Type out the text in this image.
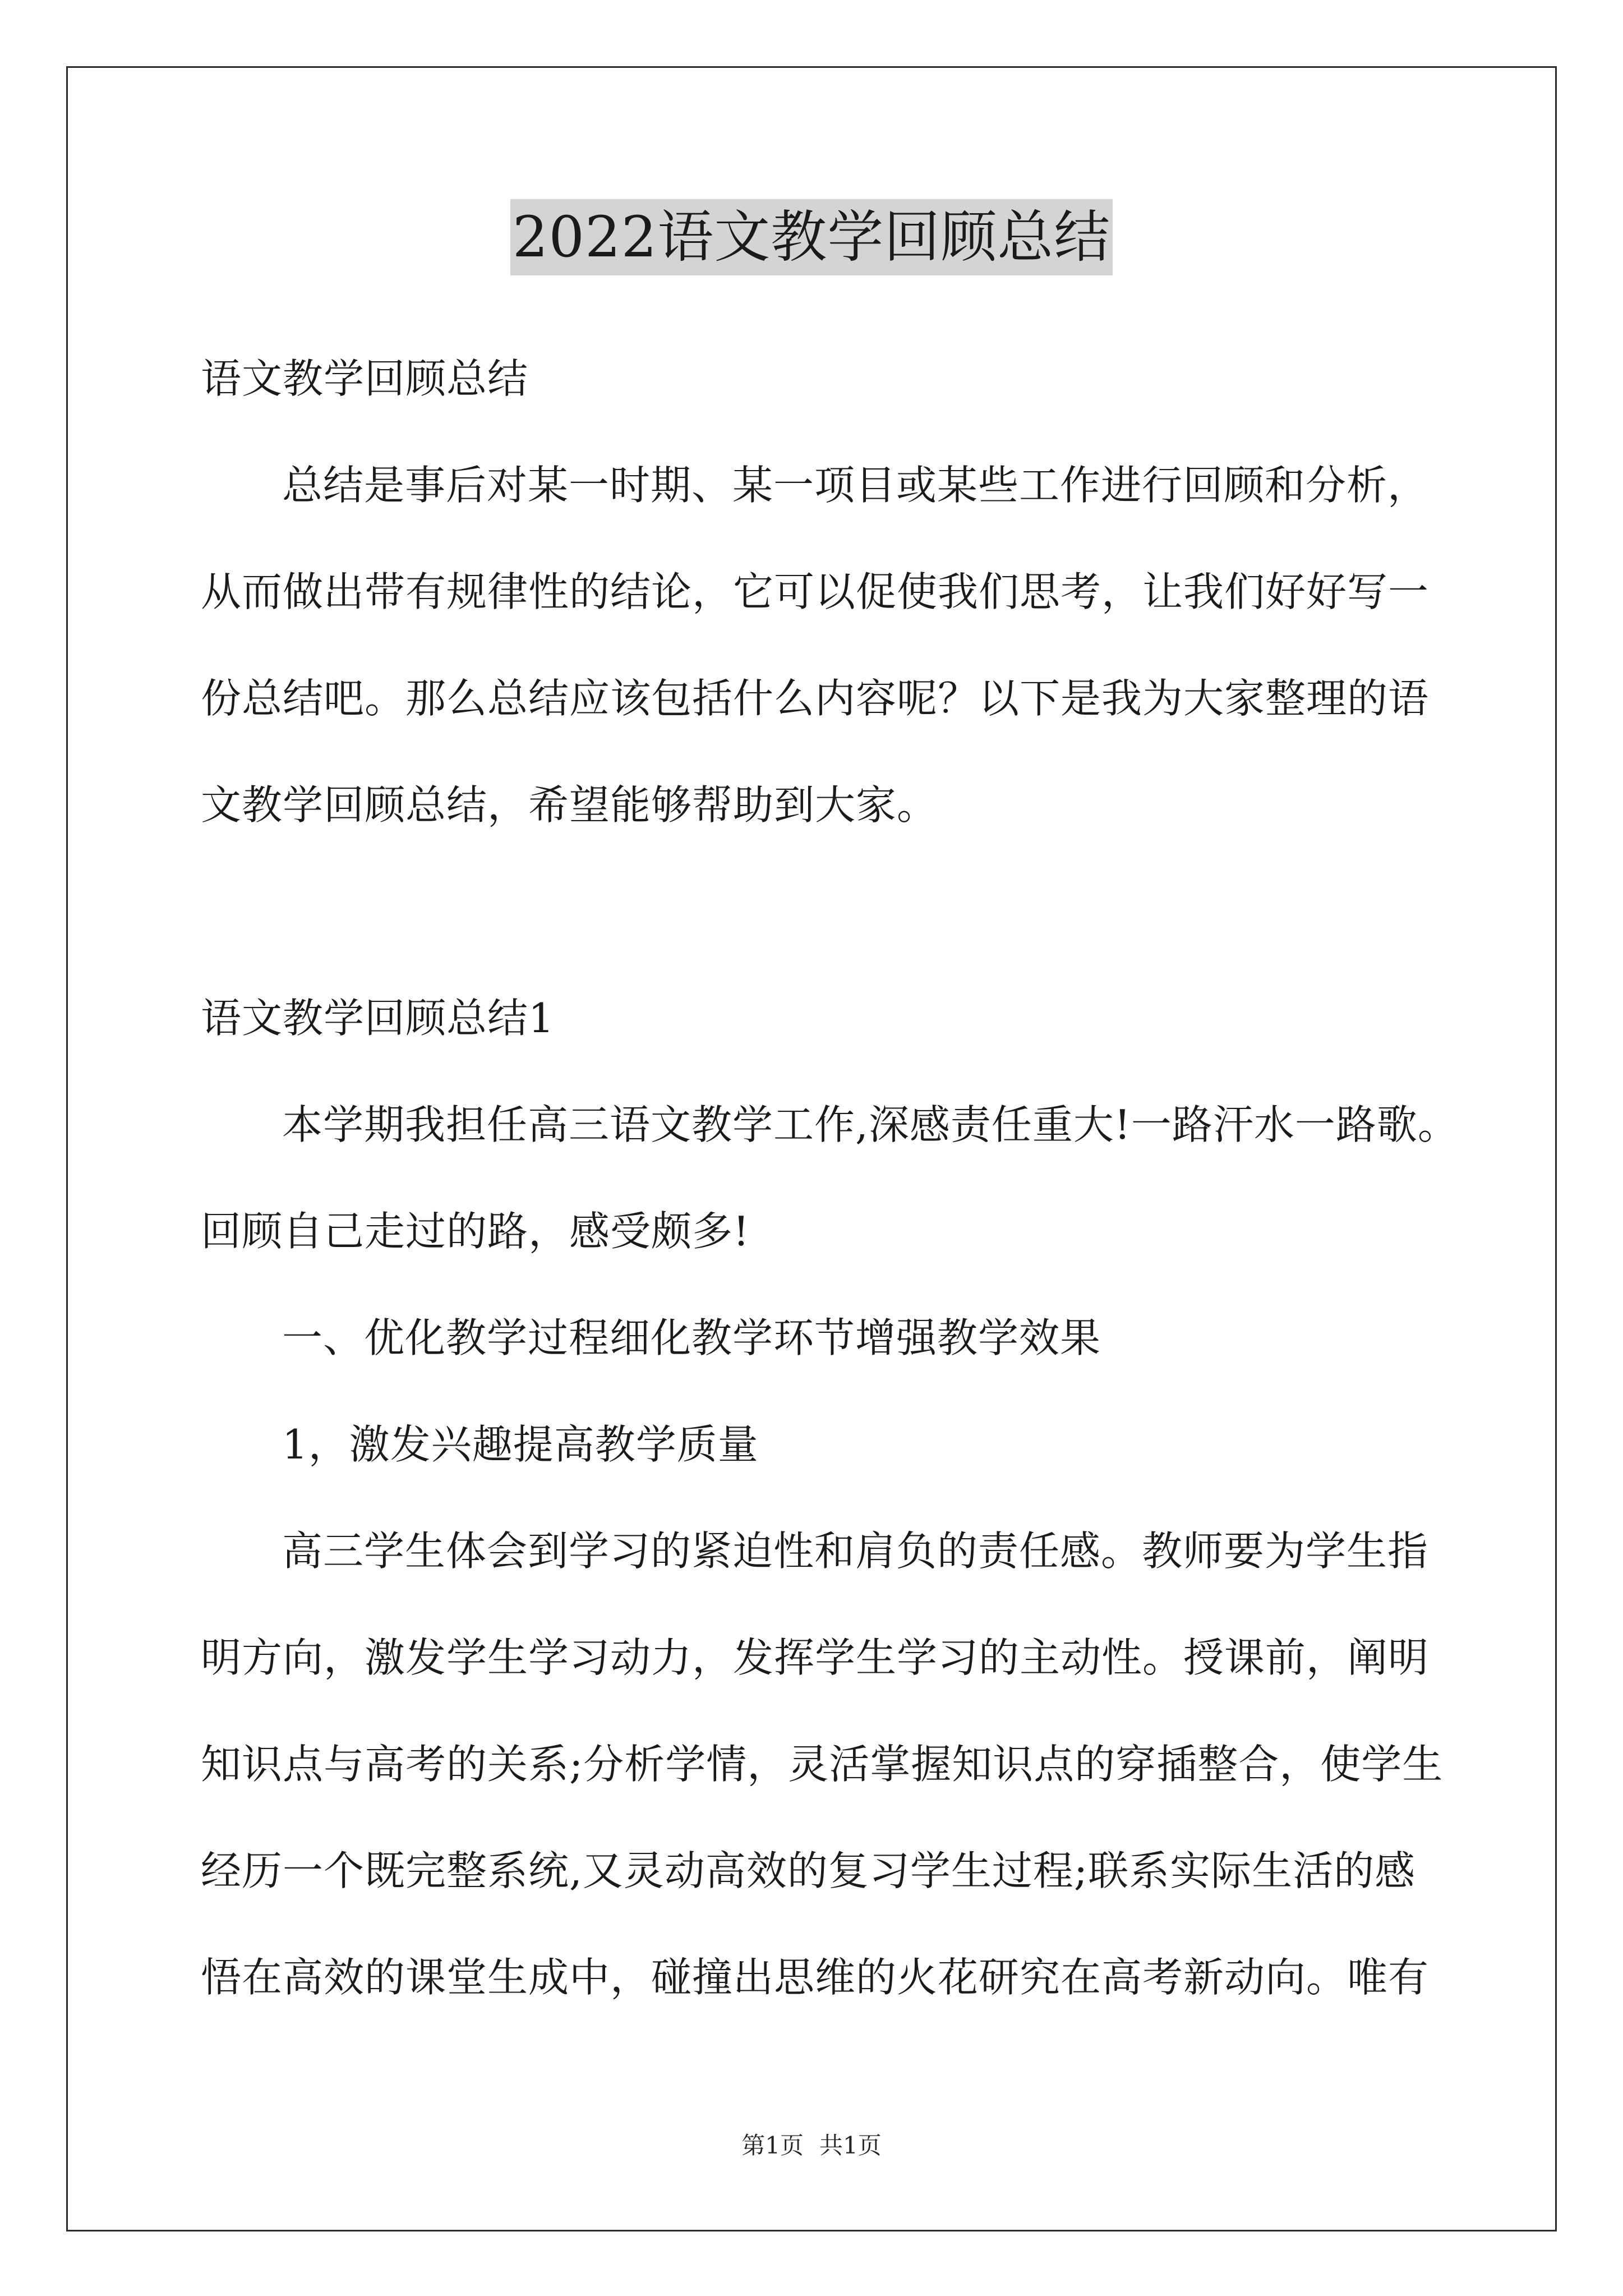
2022语文教学回顾总结
语文教学回顾总结
总结是事后对某一时期、某一项目或某些工作进行回顾和分析，
从而做出带有规律性的结论，它可以促使我们思考，让我们好好写一
份总结吧。那么总结应该包括什么内容呢？以下是我为大家整理的语
文教学回顾总结，希望能够帮助到大家。
语文教学回顾总结1
本学期我担任高三语文教学工作,深感责任重大!一路汗水一路歌。
回顾自己走过的路，感受颇多!
一、优化教学过程细化教学环节增强教学效果
1，激发兴趣提高教学质量
高三学生体会到学习的紧迫性和肩负的责任感。教师要为学生指
明方向，激发学生学习动力，发挥学生学习的主动性。授课前，阐明
知识点与高考的关系;分析学情，灵活掌握知识点的穿插整合，使学生
经历一个既完整系统,又灵动高效的复习学生过程;联系实际生活的感
悟在高效的课堂生成中，碰撞出思维的火花研究在高考新动向。唯有
第1页 共1页
